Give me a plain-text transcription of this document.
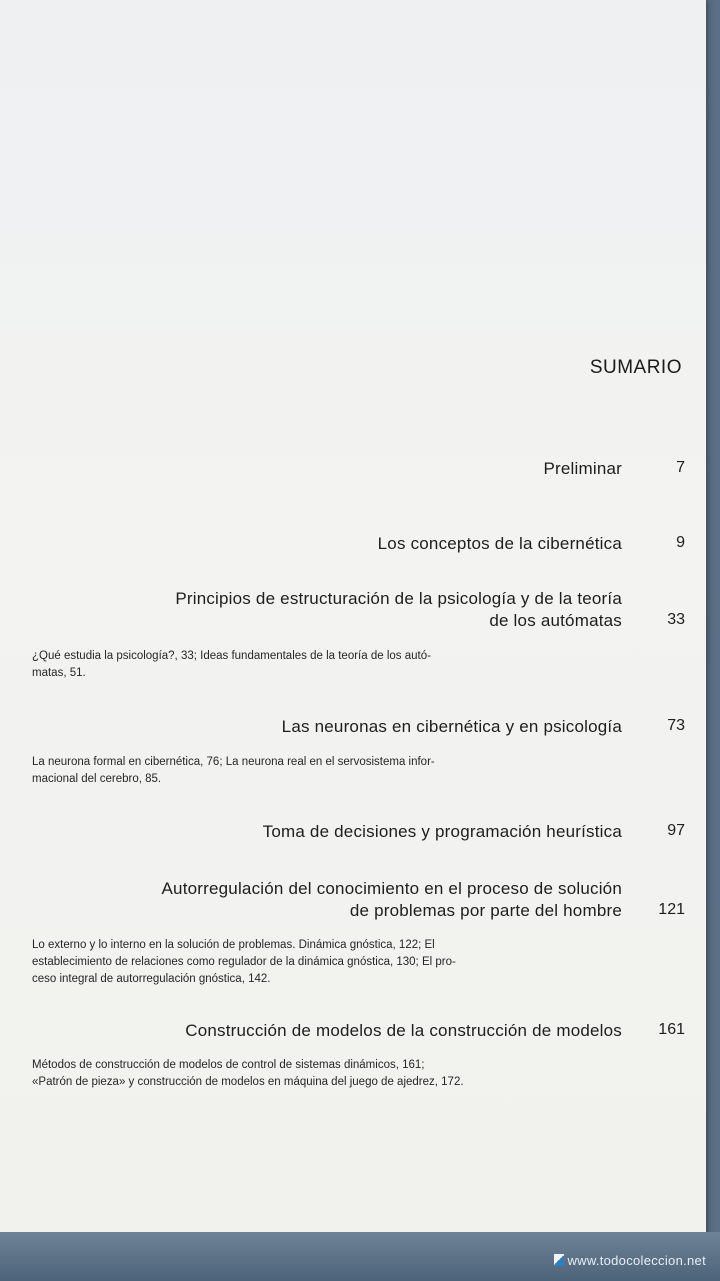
SUMARIO
Preliminar	7
Los conceptos de la cibernética	9
Principios de estructuración de la psicología y de la teoría
de los autómatas	33
¿Qué estudia la psicología?, 33; Ideas fundamentales de la teoría de los autó-
matas, 51.
Las neuronas en cibernética y en psicología	73
La neurona formal en cibernética, 76; La neurona real en el servosistema infor-
macional del cerebro, 85.
Toma de decisiones y programación heurística	97
Autorregulación del conocimiento en el proceso de solución
de problemas por parte del hombre	121
Lo externo y lo interno en la solución de problemas. Dinámica gnóstica, 122; El
establecimiento de relaciones como regulador de la dinámica gnóstica, 130; El pro-
ceso integral de autorregulación gnóstica, 142.
Construcción de modelos de la construcción de modelos	161
Métodos de construcción de modelos de control de sistemas dinámicos, 161;
«Patrón de pieza» y construcción de modelos en máquina del juego de ajedrez, 172.
www.todocoleccion.net
